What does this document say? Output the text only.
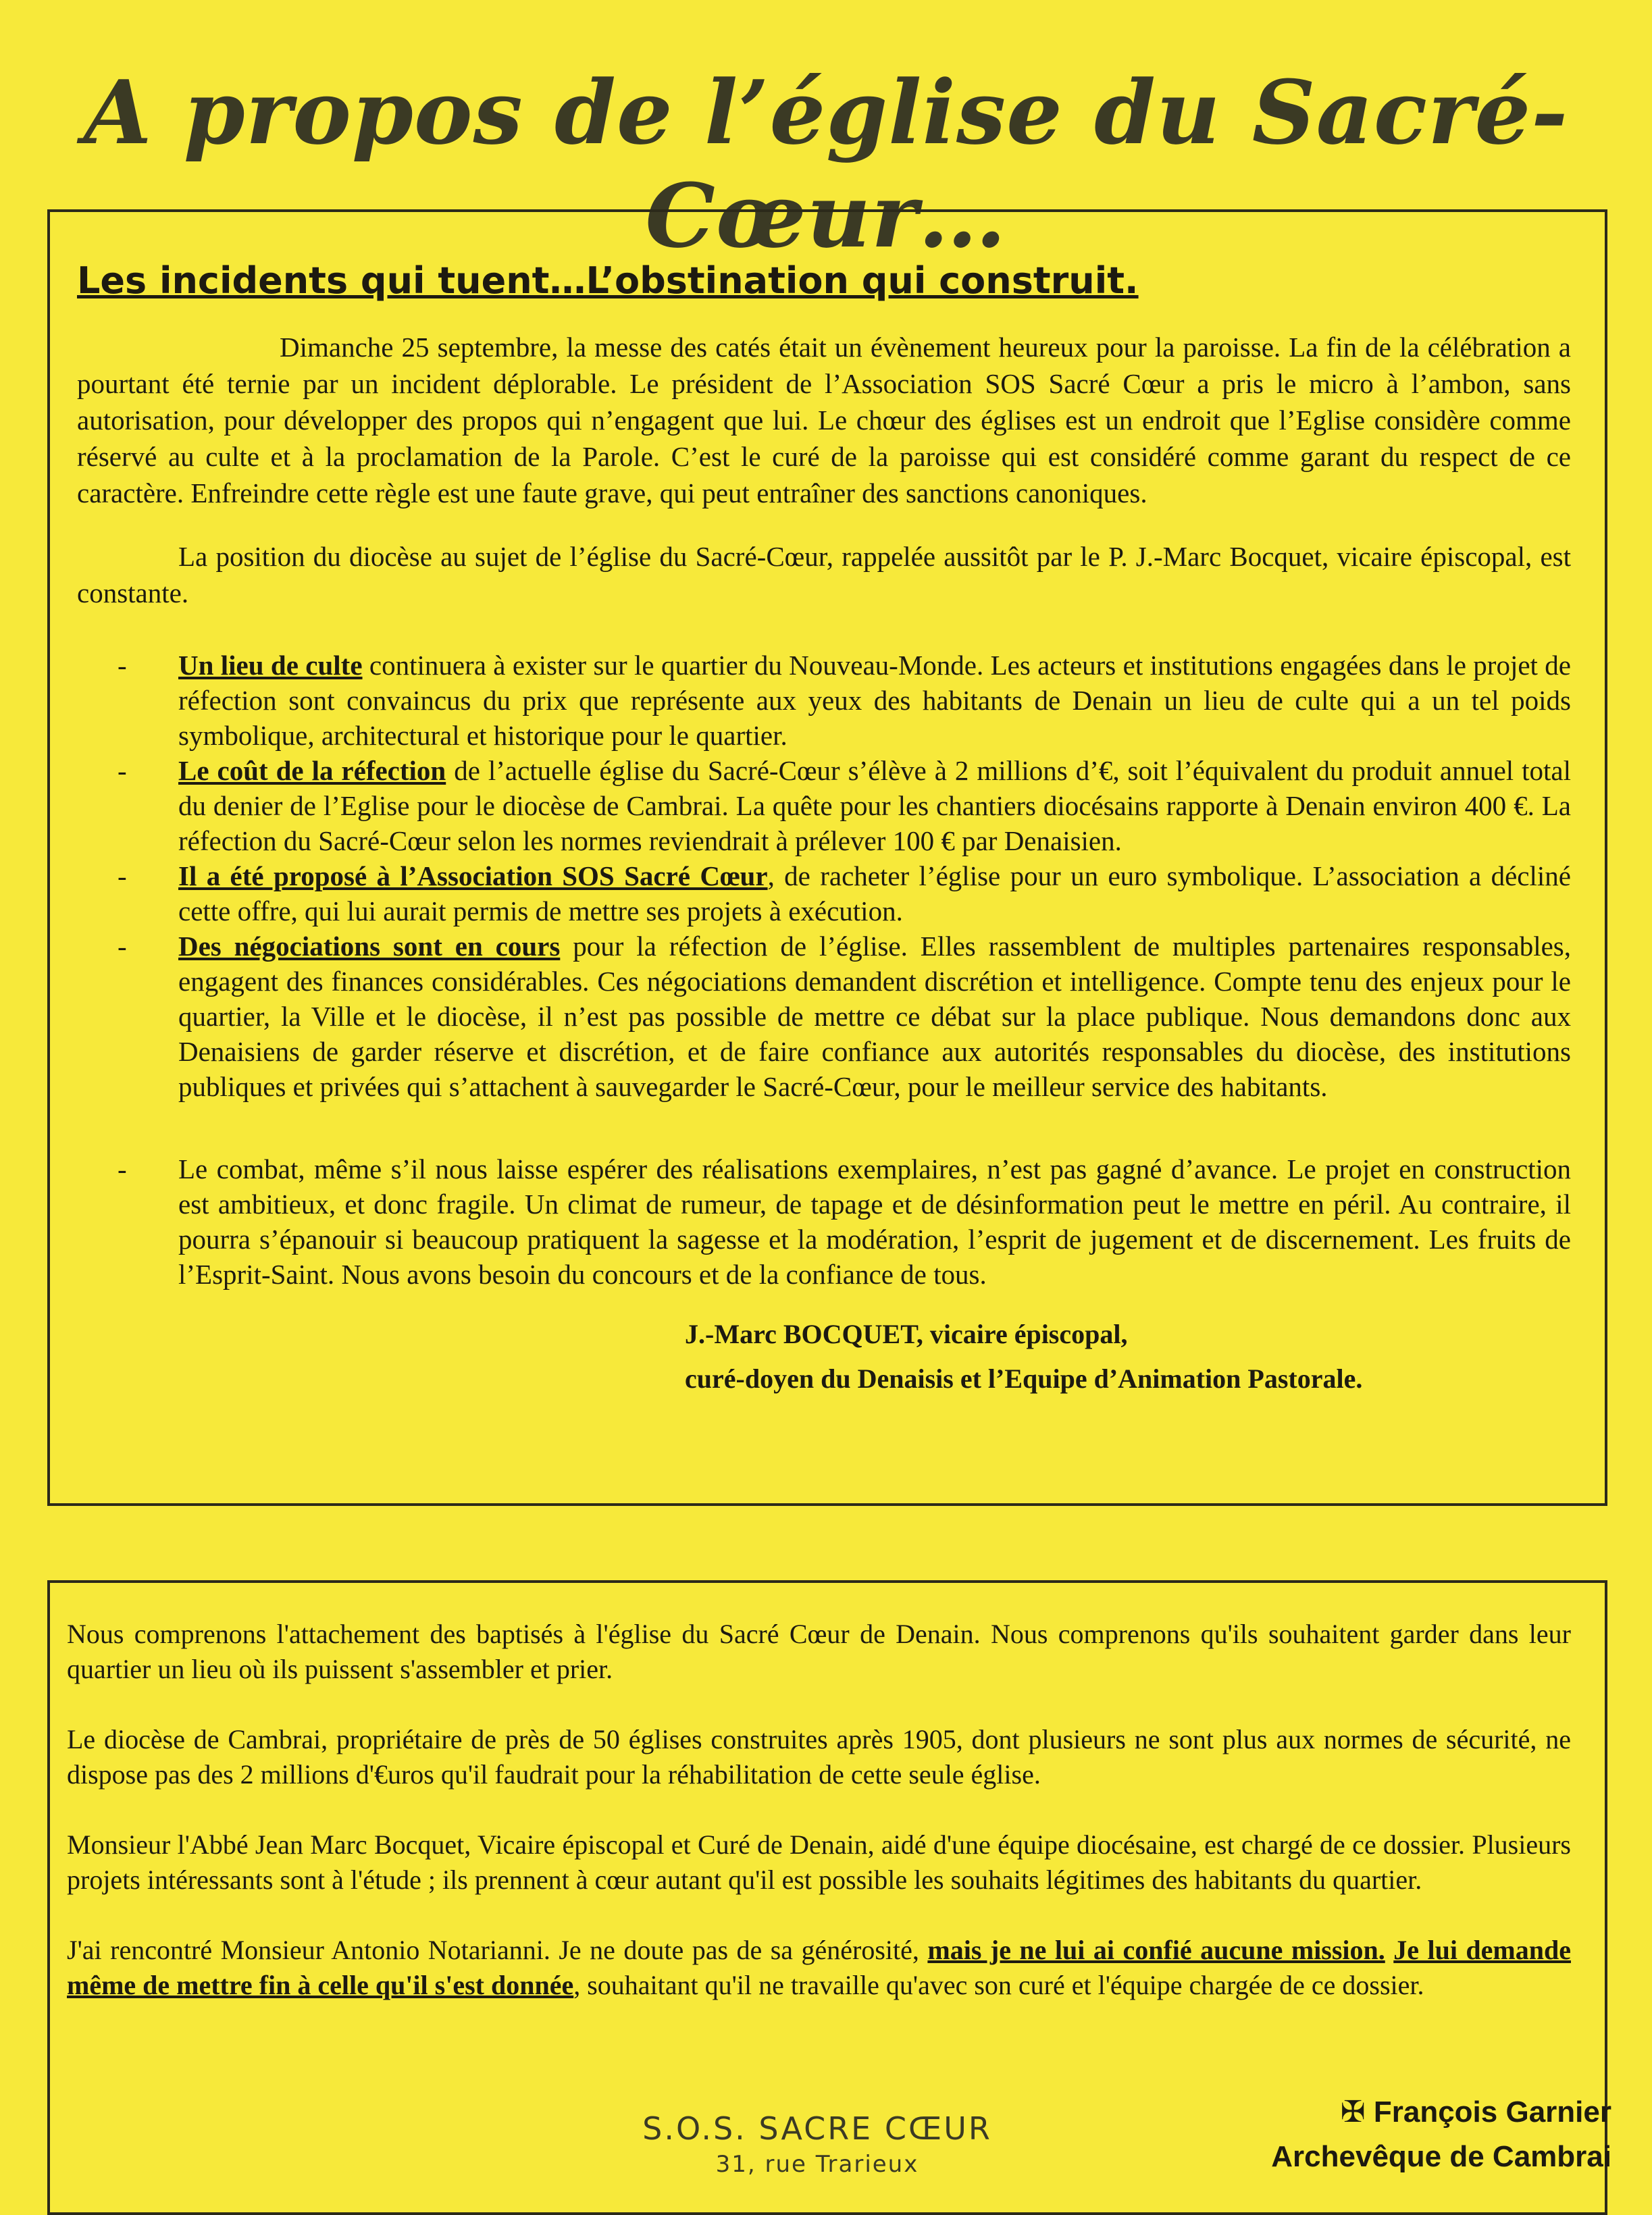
A propos de l’église du Sacré-Cœur…
Les incidents qui tuent…L’obstination qui construit.

Dimanche 25 septembre, la messe des catés était un évènement heureux pour la paroisse. La fin de la célébration a pourtant été ternie par un incident déplorable. Le président de l’Association SOS Sacré Cœur a pris le micro à l’ambon, sans autorisation, pour développer des propos qui n’engagent que lui. Le chœur des églises est un endroit que l’Eglise considère comme réservé au culte et à la proclamation de la Parole. C’est le curé de la paroisse qui est considéré comme garant du respect de ce caractère. Enfreindre cette règle est une faute grave, qui peut entraîner des sanctions canoniques.

La position du diocèse au sujet de l’église du Sacré-Cœur, rappelée aussitôt par le P. J.-Marc Bocquet, vicaire épiscopal, est constante.

- Un lieu de culte continuera à exister sur le quartier du Nouveau-Monde. Les acteurs et institutions engagées dans le projet de réfection sont convaincus du prix que représente aux yeux des habitants de Denain un lieu de culte qui a un tel poids symbolique, architectural et historique pour le quartier.
- Le coût de la réfection de l’actuelle église du Sacré-Cœur s’élève à 2 millions d’€, soit l’équivalent du produit annuel total du denier de l’Eglise pour le diocèse de Cambrai. La quête pour les chantiers diocésains rapporte à Denain environ 400 €. La réfection du Sacré-Cœur selon les normes reviendrait à prélever 100 € par Denaisien.
- Il a été proposé à l’Association SOS Sacré Cœur, de racheter l’église pour un euro symbolique. L’association a décliné cette offre, qui lui aurait permis de mettre ses projets à exécution.
- Des négociations sont en cours pour la réfection de l’église. Elles rassemblent de multiples partenaires responsables, engagent des finances considérables. Ces négociations demandent discrétion et intelligence. Compte tenu des enjeux pour le quartier, la Ville et le diocèse, il n’est pas possible de mettre ce débat sur la place publique. Nous demandons donc aux Denaisiens de garder réserve et discrétion, et de faire confiance aux autorités responsables du diocèse, des institutions publiques et privées qui s’attachent à sauvegarder le Sacré-Cœur, pour le meilleur service des habitants.
- Le combat, même s’il nous laisse espérer des réalisations exemplaires, n’est pas gagné d’avance. Le projet en construction est ambitieux, et donc fragile. Un climat de rumeur, de tapage et de désinformation peut le mettre en péril. Au contraire, il pourra s’épanouir si beaucoup pratiquent la sagesse et la modération, l’esprit de jugement et de discernement. Les fruits de l’Esprit-Saint. Nous avons besoin du concours et de la confiance de tous.
J.-Marc BOCQUET, vicaire épiscopal,
curé-doyen du Denaisis et l’Equipe d’Animation Pastorale.

Nous comprenons l'attachement des baptisés à l'église du Sacré Cœur de Denain. Nous comprenons qu'ils souhaitent garder dans leur quartier un lieu où ils puissent s'assembler et prier.

Le diocèse de Cambrai, propriétaire de près de 50 églises construites après 1905, dont plusieurs ne sont plus aux normes de sécurité, ne dispose pas des 2 millions d'€uros qu'il faudrait pour la réhabilitation de cette seule église.

Monsieur l'Abbé Jean Marc Bocquet, Vicaire épiscopal et Curé de Denain, aidé d'une équipe diocésaine, est chargé de ce dossier. Plusieurs projets intéressants sont à l'étude ; ils prennent à cœur autant qu'il est possible les souhaits légitimes des habitants du quartier.

J'ai rencontré Monsieur Antonio Notarianni. Je ne doute pas de sa générosité, mais je ne lui ai confié aucune mission. Je lui demande même de mettre fin à celle qu'il s'est donnée, souhaitant qu'il ne travaille qu'avec son curé et l'équipe chargée de ce dossier.

S.O.S. SACRE CŒUR
31, rue Trarieux
✠ François Garnier
Archevêque de Cambrai
